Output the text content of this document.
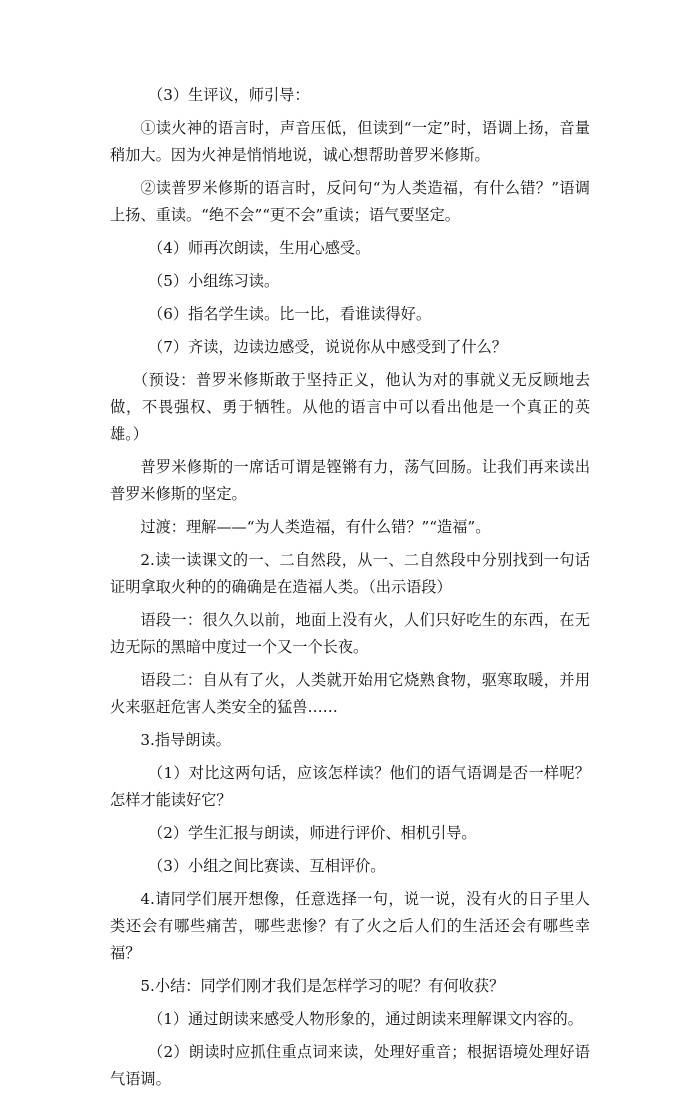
（3）生评议，师引导：

①读火神的语言时，声音压低，但读到“一定”时，语调上扬，音量稍加大。因为火神是悄悄地说，诚心想帮助普罗米修斯。

②读普罗米修斯的语言时，反问句“为人类造福，有什么错？”语调上扬、重读。“绝不会”“更不会”重读；语气要坚定。

（4）师再次朗读，生用心感受。

（5）小组练习读。

（6）指名学生读。比一比，看谁读得好。

（7）齐读，边读边感受，说说你从中感受到了什么？

（预设：普罗米修斯敢于坚持正义，他认为对的事就义无反顾地去做，不畏强权、勇于牺牲。从他的语言中可以看出他是一个真正的英雄。）

普罗米修斯的一席话可谓是铿锵有力，荡气回肠。让我们再来读出普罗米修斯的坚定。

过渡：理解——“为人类造福，有什么错？”“造福”。

2.读一读课文的一、二自然段，从一、二自然段中分别找到一句话证明拿取火种的的确确是在造福人类。（出示语段）

语段一：很久久以前，地面上没有火，人们只好吃生的东西，在无边无际的黑暗中度过一个又一个长夜。

语段二：自从有了火，人类就开始用它烧熟食物，驱寒取暖，并用火来驱赶危害人类安全的猛兽……

3.指导朗读。

（1）对比这两句话，应该怎样读？他们的语气语调是否一样呢？怎样才能读好它？

（2）学生汇报与朗读，师进行评价、相机引导。

（3）小组之间比赛读、互相评价。

4.请同学们展开想像，任意选择一句，说一说，没有火的日子里人类还会有哪些痛苦，哪些悲惨？有了火之后人们的生活还会有哪些幸福？

5.小结：同学们刚才我们是怎样学习的呢？有何收获？

（1）通过朗读来感受人物形象的，通过朗读来理解课文内容的。

（2）朗读时应抓住重点词来读，处理好重音；根据语境处理好语气语调。
